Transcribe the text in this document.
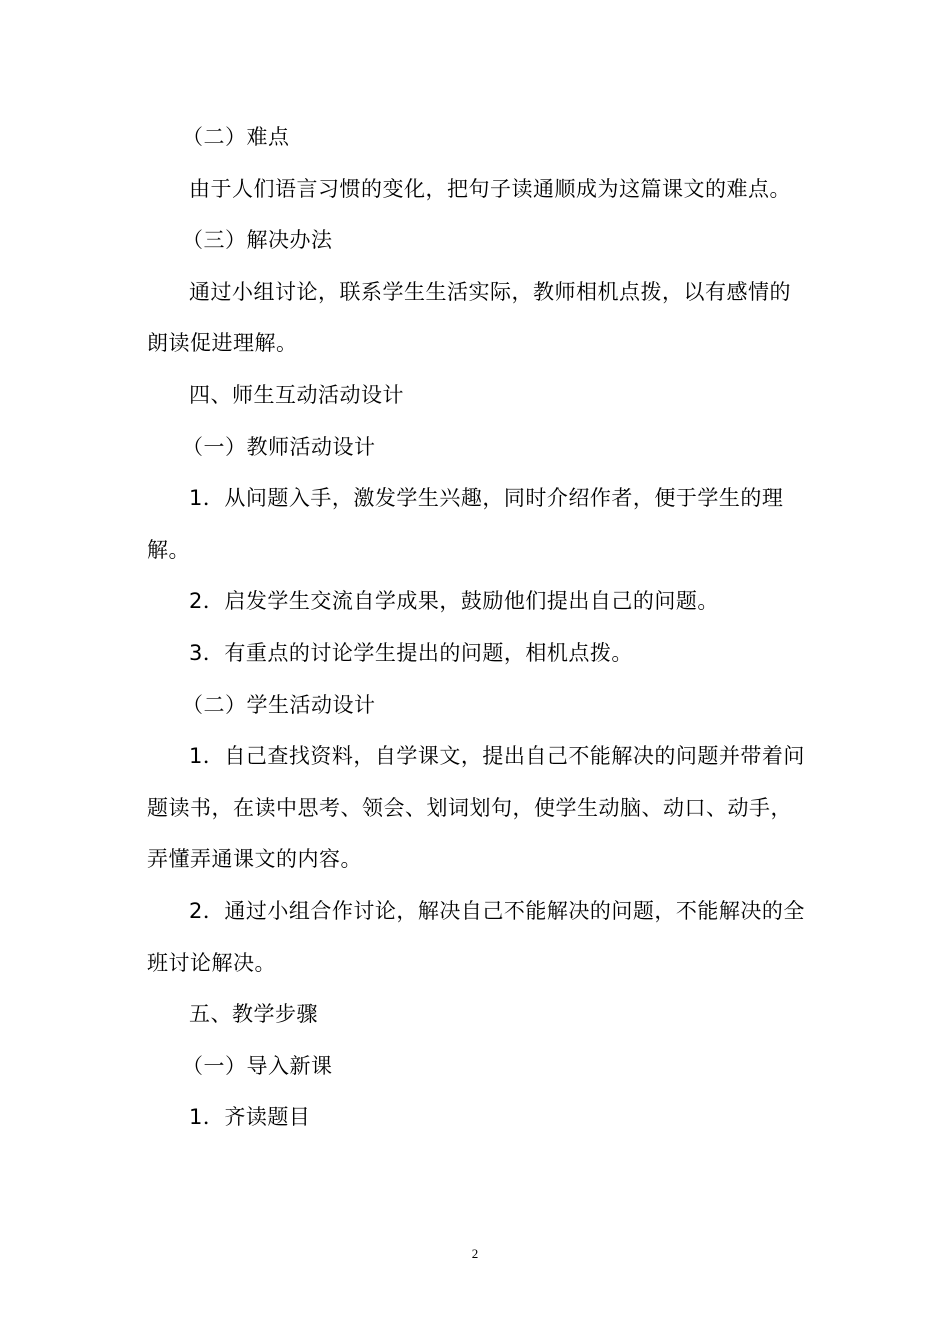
（二）难点

由于人们语言习惯的变化，把句子读通顺成为这篇课文的难点。

（三）解决办法

通过小组讨论，联系学生生活实际，教师相机点拨，以有感情的朗读促进理解。

四、师生互动活动设计

（一）教师活动设计

1．从问题入手，激发学生兴趣，同时介绍作者，便于学生的理解。

2．启发学生交流自学成果，鼓励他们提出自己的问题。

3．有重点的讨论学生提出的问题，相机点拨。

（二）学生活动设计

1．自己查找资料，自学课文，提出自己不能解决的问题并带着问题读书，在读中思考、领会、划词划句，使学生动脑、动口、动手，弄懂弄通课文的内容。

2．通过小组合作讨论，解决自己不能解决的问题，不能解决的全班讨论解决。

五、教学步骤

（一）导入新课

1．齐读题目

2
